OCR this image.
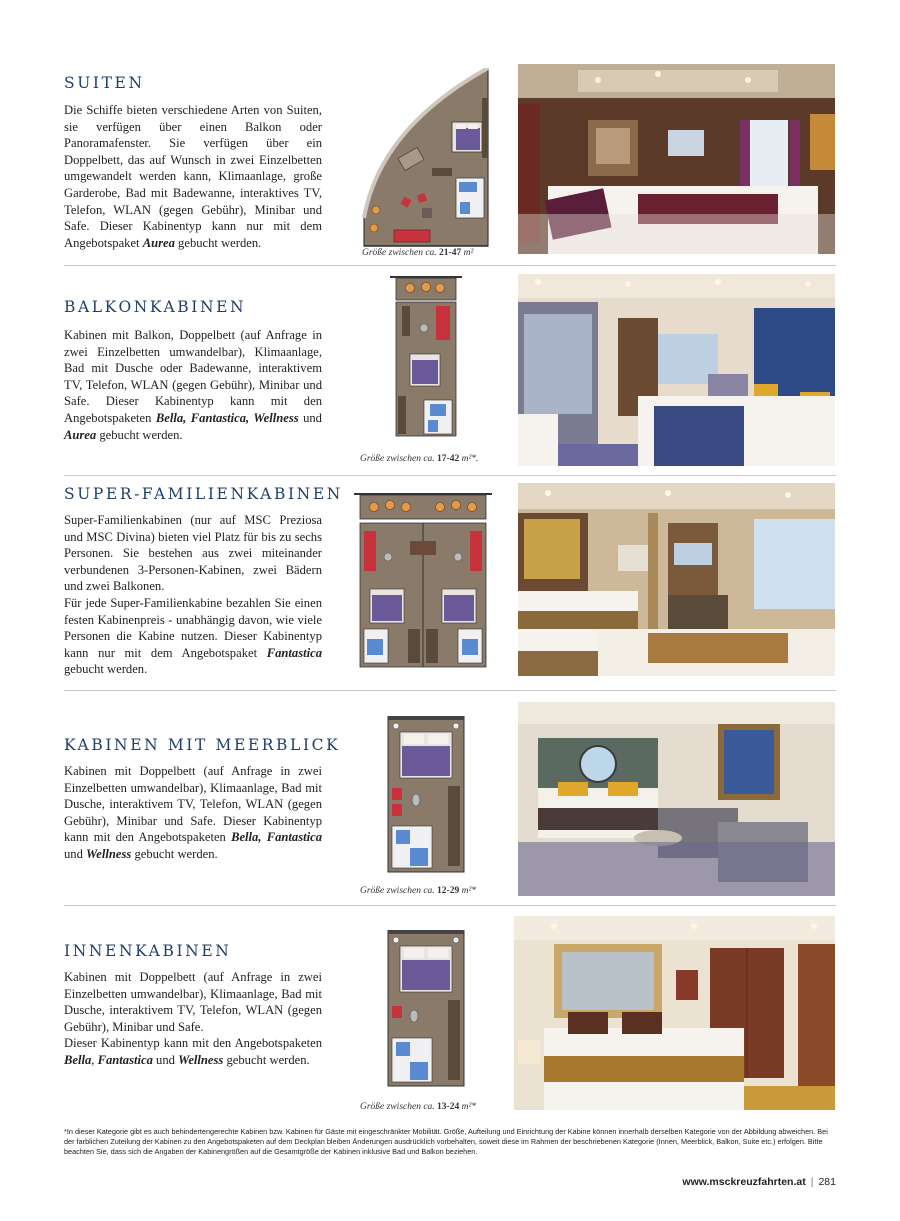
SUITEN

Die Schiffe bieten verschiedene Arten von Suiten, sie verfügen über einen Balkon oder Panoramafenster. Sie verfügen über ein Doppelbett, das auf Wunsch in zwei Einzelbetten umgewandelt werden kann, Klimaanlage, große Garderobe, Bad mit Badewanne, interaktives TV, Telefon, WLAN (gegen Gebühr), Minibar und Safe. Dieser Kabinentyp kann nur mit dem Angebotspaket Aurea gebucht werden.

Größe zwischen ca. 21-47 m²
BALKONKABINEN

Kabinen mit Balkon, Doppelbett (auf Anfrage in zwei Einzelbetten umwandelbar), Klimaanlage, Bad mit Dusche oder Badewanne, interaktivem TV, Telefon, WLAN (gegen Gebühr), Minibar und Safe. Dieser Kabinentyp kann mit den Angebotspaketen Bella, Fantastica, Wellness und Aurea gebucht werden.

Größe zwischen ca. 17-42 m²*.
SUPER-FAMILIENKABINEN

Super-Familienkabinen (nur auf MSC Preziosa und MSC Divina) bieten viel Platz für bis zu sechs Personen. Sie bestehen aus zwei miteinander verbundenen 3-Personen-Kabinen, zwei Bädern und zwei Balkonen.

Für jede Super-Familienkabine bezahlen Sie einen festen Kabinenpreis - unabhängig davon, wie viele Personen die Kabine nutzen. Dieser Kabinentyp kann nur mit dem Angebotspaket Fantastica gebucht werden.

KABINEN MIT MEERBLICK

Kabinen mit Doppelbett (auf Anfrage in zwei Einzelbetten umwandelbar), Klimaanlage, Bad mit Dusche, interaktivem TV, Telefon, WLAN (gegen Gebühr), Minibar und Safe. Dieser Kabinentyp kann mit den Angebotspaketen Bella, Fantastica und Wellness gebucht werden.

Größe zwischen ca. 12-29 m²*
INNENKABINEN

Kabinen mit Doppelbett (auf Anfrage in zwei Einzelbetten umwandelbar), Klimaanlage, Bad mit Dusche, interaktivem TV, Telefon, WLAN (gegen Gebühr), Minibar und Safe.

Dieser Kabinentyp kann mit den Angebotspaketen Bella, Fantastica und Wellness gebucht werden.

Größe zwischen ca. 13-24 m²*
*In dieser Kategorie gibt es auch behindertengerechte Kabinen bzw. Kabinen für Gäste mit eingeschränkter Mobilität. Größe, Aufteilung und Einrichtung der Kabine können innerhalb derselben Kategorie von der Abbildung abweichen. Bei der farblichen Zuteilung der Kabinen zu den Angebotspaketen auf dem Deckplan bleiben Änderungen ausdrücklich vorbehalten, soweit diese im Rahmen der beschriebenen Kategorie (Innen, Meerblick, Balkon, Suite etc.) erfolgen. Bitte beachten Sie, dass sich die Angaben der Kabinengrößen auf die Gesamtgröße der Kabinen inklusive Bad und Balkon beziehen.
www.msckreuzfahrten.at | 281
